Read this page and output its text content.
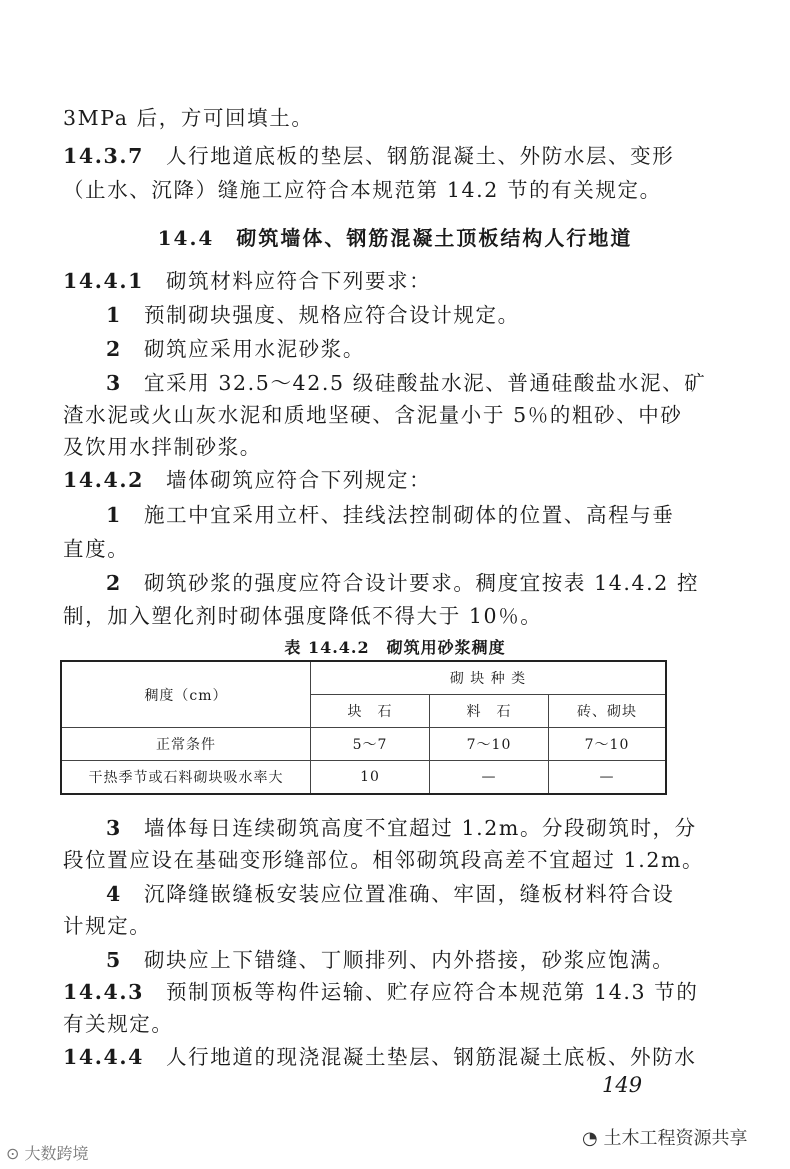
3MPa 后，方可回填土。
14.3.7　 人行地道底板的垫层、钢筋混凝土、外防水层、变形
（止水、沉降）缝施工应符合本规范第 14.2 节的有关规定。
14.4　砌筑墙体、钢筋混凝土顶板结构人行地道
14.4.1　 砌筑材料应符合下列要求：
1　 预制砌块强度、规格应符合设计规定。
2　 砌筑应采用水泥砂浆。
3　 宜采用 32.5～42.5 级硅酸盐水泥、普通硅酸盐水泥、矿
渣水泥或火山灰水泥和质地坚硬、含泥量小于 5％的粗砂、中砂
及饮用水拌制砂浆。
14.4.2　 墙体砌筑应符合下列规定：
1　 施工中宜采用立杆、挂线法控制砌体的位置、高程与垂
直度。
2　 砌筑砂浆的强度应符合设计要求。稠度宜按表 14.4.2 控
制，加入塑化剂时砌体强度降低不得大于 10％。
表 14.4.2　砌筑用砂浆稠度
稠度（cm）	砌 块 种 类		
	块　石	料　石	砖、砌块
正常条件	5～7	7～10	7～10
干热季节或石料砌块吸水率大	10	—	—
3　 墙体每日连续砌筑高度不宜超过 1.2m。分段砌筑时，分
段位置应设在基础变形缝部位。相邻砌筑段高差不宜超过 1.2m。
4　 沉降缝嵌缝板安装应位置准确、牢固，缝板材料符合设
计规定。
5　 砌块应上下错缝、丁顺排列、内外搭接，砂浆应饱满。
14.4.3　 预制顶板等构件运输、贮存应符合本规范第 14.3 节的
有关规定。
14.4.4　 人行地道的现浇混凝土垫层、钢筋混凝土底板、外防水
149
⊙ 大数跨境
◔ 土木工程资源共享
